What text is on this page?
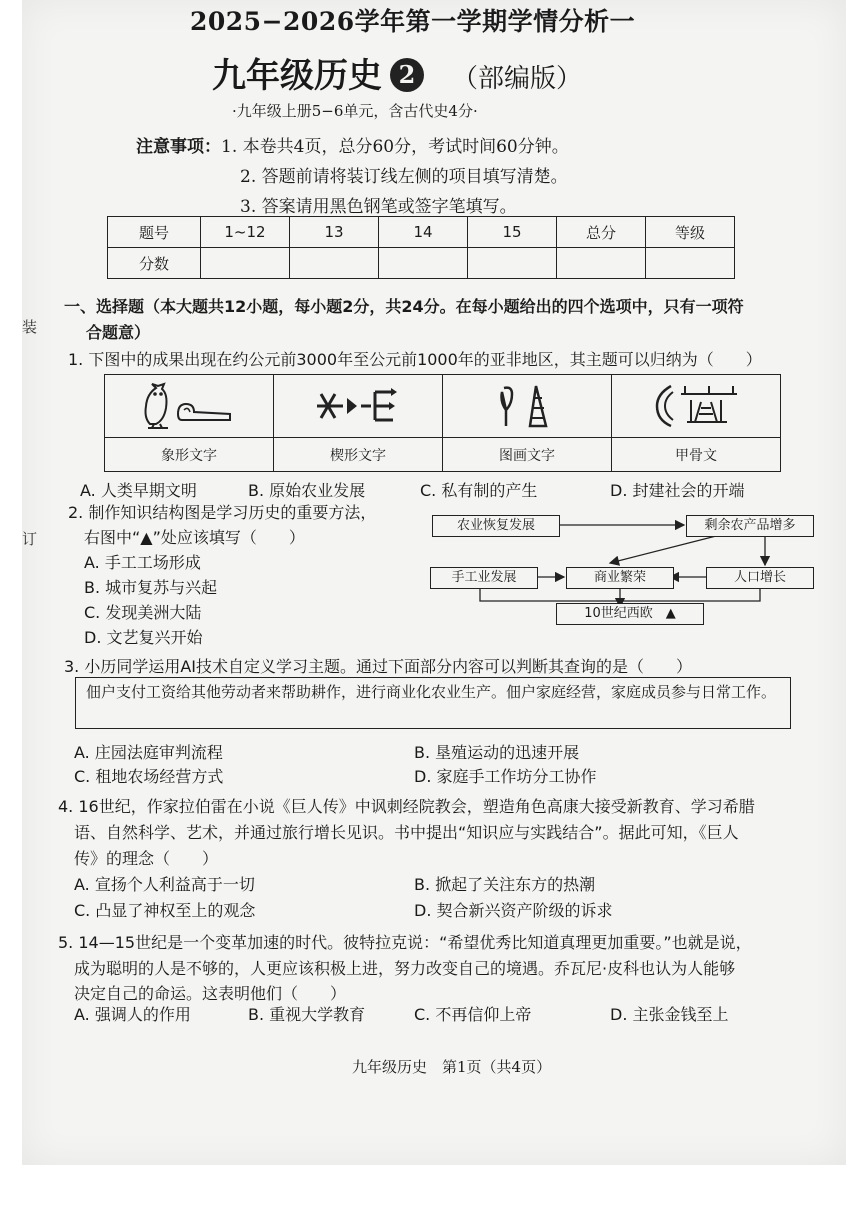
装
订
2025−2026学年第一学期学情分析一
九年级历史 2 （部编版）
·九年级上册5−6单元，含古代史4分·
注意事项：1. 本卷共4页，总分60分，考试时间60分钟。
2. 答题前请将装订线左侧的项目填写清楚。
3. 答案请用黑色钢笔或签字笔填写。
题号	1~12	13	14	15	总分	等级
分数						
一、选择题（本大题共12小题，每小题2分，共24分。在每小题给出的四个选项中，只有一项符
合题意）
1. 下图中的成果出现在约公元前3000年至公元前1000年的亚非地区，其主题可以归纳为（　　）
象形文字	楔形文字	图画文字	甲骨文
A. 人类早期文明	B. 原始农业发展	C. 私有制的产生	D. 封建社会的开端
2. 制作知识结构图是学习历史的重要方法，
右图中“▲”处应该填写（　　）
A. 手工工场形成
B. 城市复苏与兴起
C. 发现美洲大陆
D. 文艺复兴开始
农业恢复发展	剩余农产品增多
手工业发展	商业繁荣	人口增长
10世纪西欧　▲
3. 小历同学运用AI技术自定义学习主题。通过下面部分内容可以判断其查询的是（　　）
佃户支付工资给其他劳动者来帮助耕作，进行商业化农业生产。佃户家庭经营，家庭成员参与日常工作。
A. 庄园法庭审判流程	B. 垦殖运动的迅速开展
C. 租地农场经营方式	D. 家庭手工作坊分工协作
4. 16世纪，作家拉伯雷在小说《巨人传》中讽刺经院教会，塑造角色高康大接受新教育、学习希腊
语、自然科学、艺术，并通过旅行增长见识。书中提出“知识应与实践结合”。据此可知，《巨人
传》的理念（　　）
A. 宣扬个人利益高于一切	B. 掀起了关注东方的热潮
C. 凸显了神权至上的观念	D. 契合新兴资产阶级的诉求
5. 14—15世纪是一个变革加速的时代。彼特拉克说：“希望优秀比知道真理更加重要。”也就是说，
成为聪明的人是不够的，人更应该积极上进，努力改变自己的境遇。乔瓦尼·皮科也认为人能够
决定自己的命运。这表明他们（　　）
A. 强调人的作用	B. 重视大学教育	C. 不再信仰上帝	D. 主张金钱至上
九年级历史　第1页（共4页）
